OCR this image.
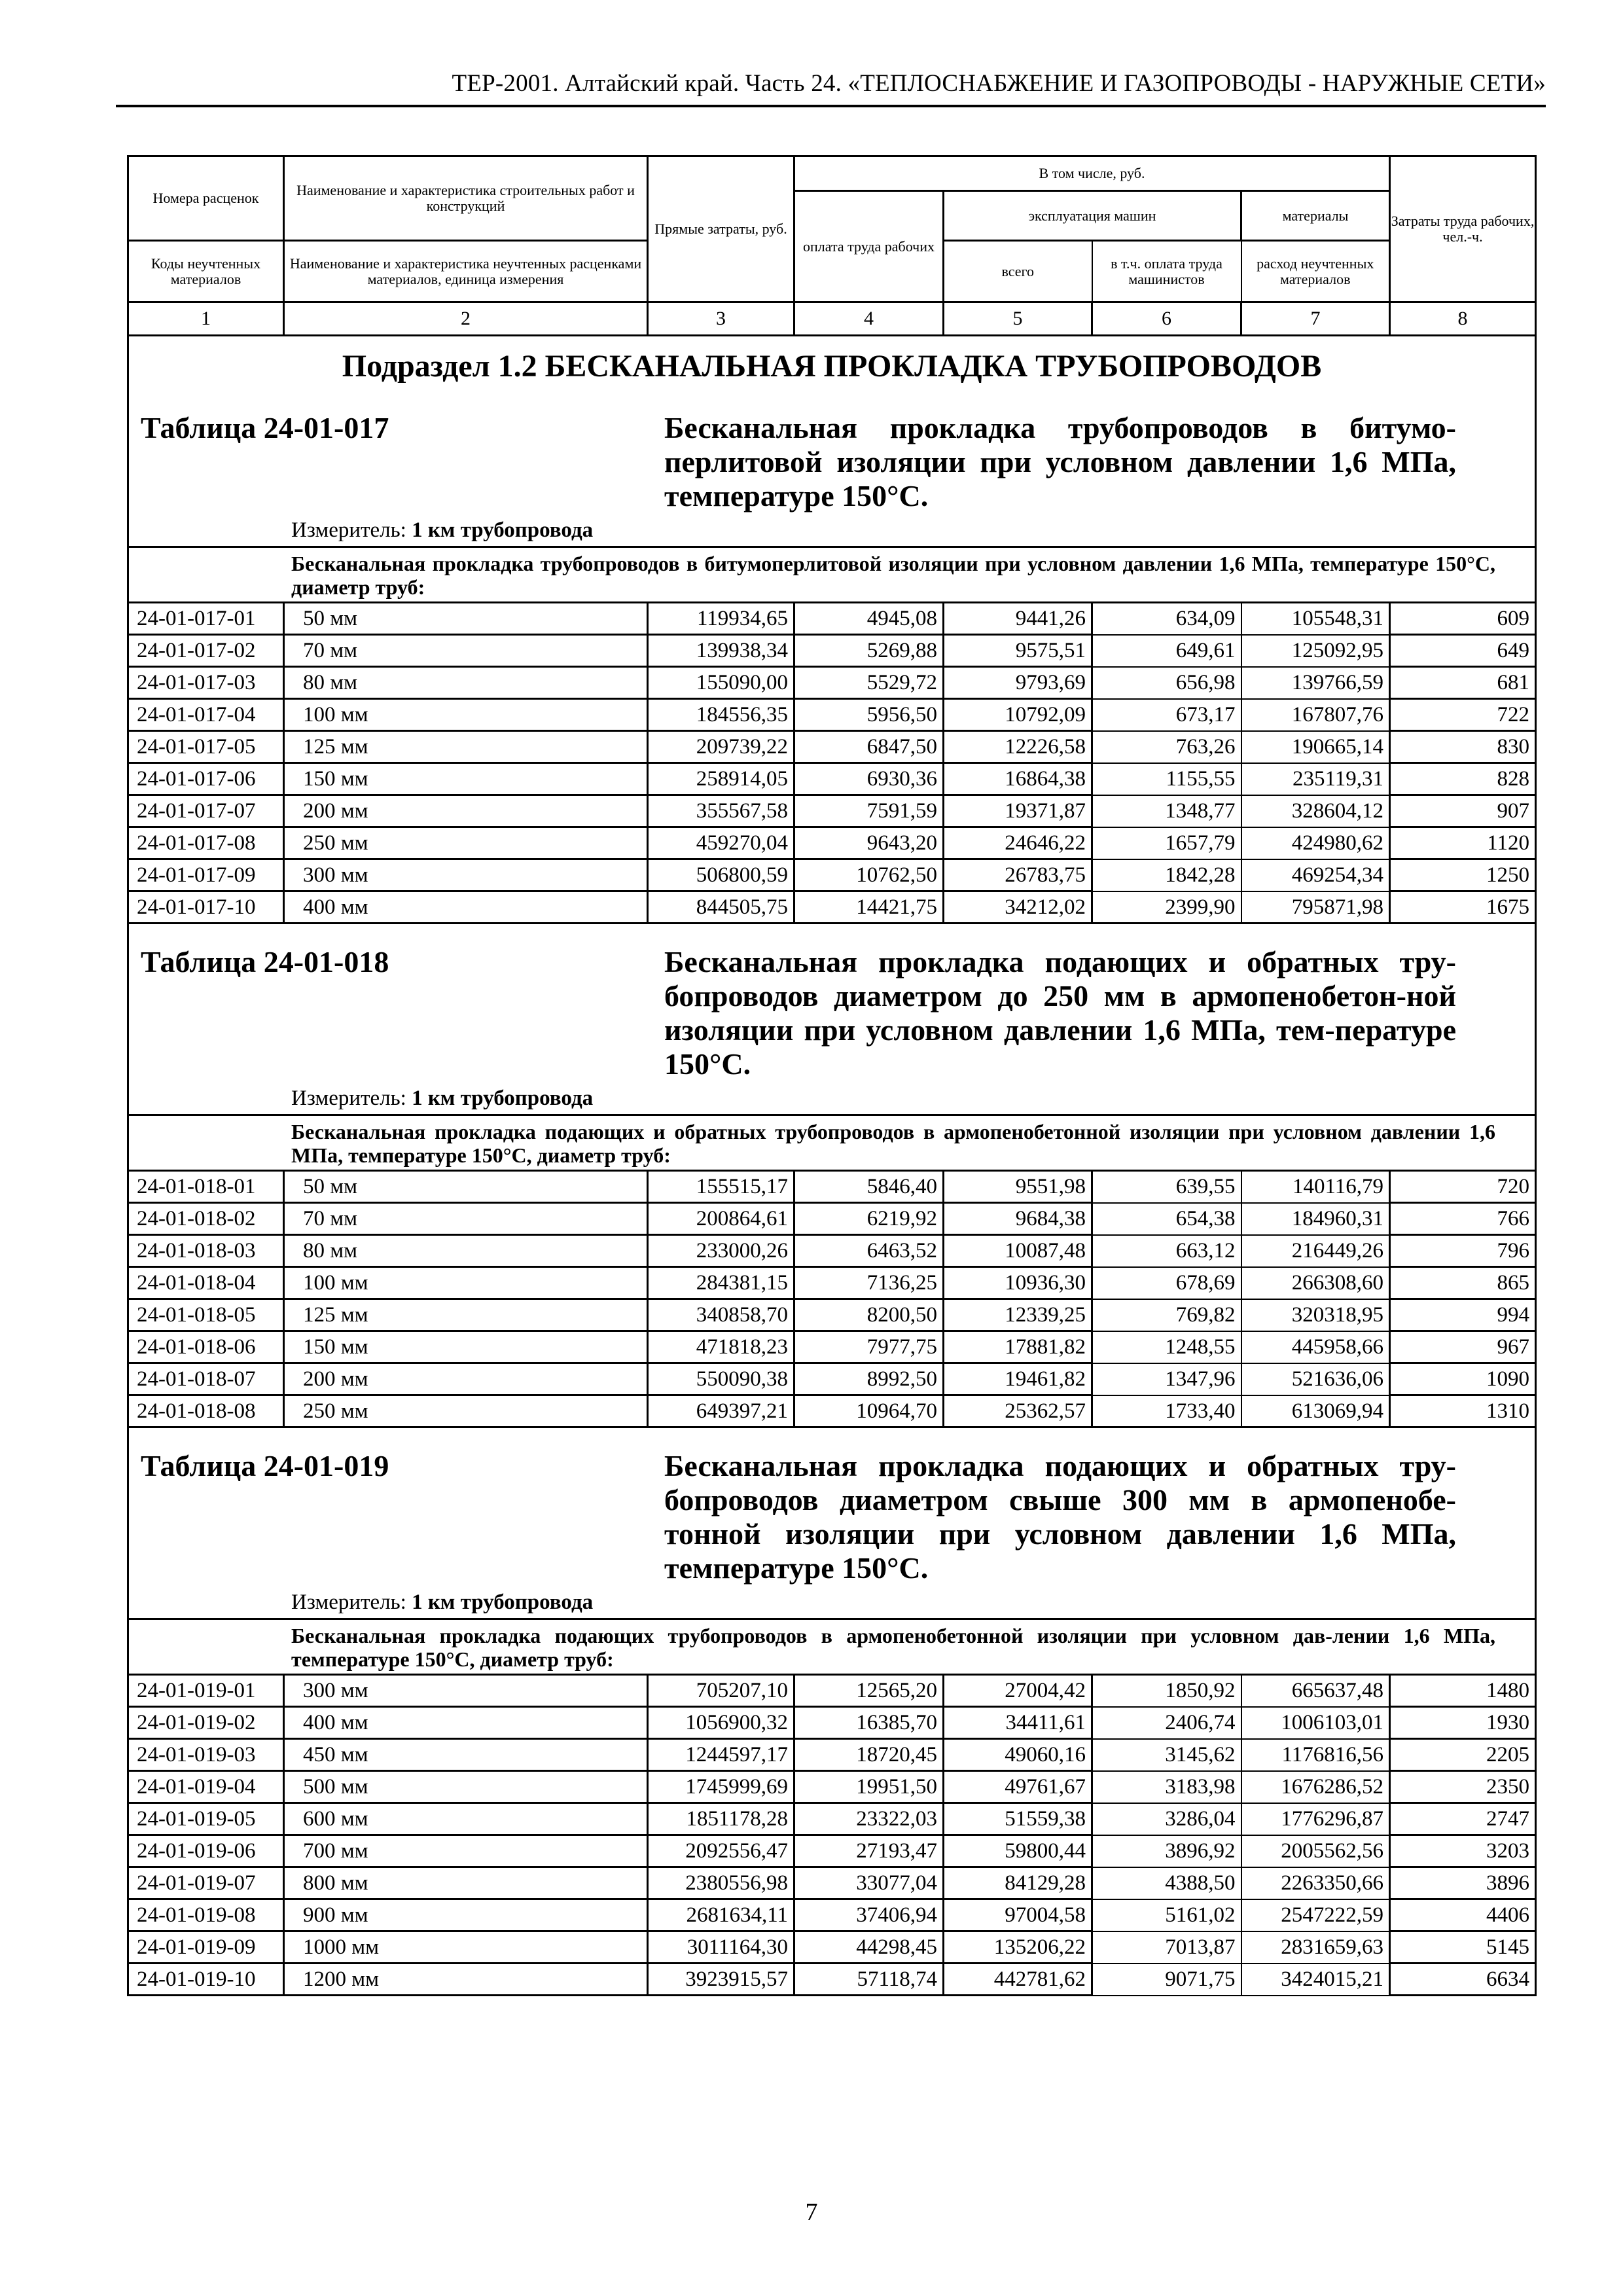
ТЕР-2001. Алтайский край. Часть 24. «ТЕПЛОСНАБЖЕНИЕ И ГАЗОПРОВОДЫ - НАРУЖНЫЕ СЕТИ»
Номера расценок	Наименование и характеристика строительных работ и конструкций	Прямые затраты, руб.	В том числе, руб.				Затраты труда рабочих, чел.-ч.
			оплата труда рабочих	эксплуатация машин		материалы	
Коды неучтенных материалов	Наименование и характеристика неучтенных расценками материалов, единица измерения			всего	в т.ч. оплата труда машинистов	расход неучтенных материалов	
1	2	3	4	5	6	7	8

Подраздел 1.2 БЕСКАНАЛЬНАЯ ПРОКЛАДКА ТРУБОПРОВОДОВ							

Таблица 24-01-017 Бесканальная прокладка трубопроводов в битумо-перлитовой изоляции при условном давлении 1,6 МПа, температуре 150°С.
Измеритель: 1 км трубопровода							

Бесканальная прокладка трубопроводов в битумоперлитовой изоляции при условном давлении 1,6 МПа, температуре 150°С, диаметр труб:							
24-01-017-01	50 мм	119934,65	4945,08	9441,26	634,09	105548,31	609
24-01-017-02	70 мм	139938,34	5269,88	9575,51	649,61	125092,95	649
24-01-017-03	80 мм	155090,00	5529,72	9793,69	656,98	139766,59	681
24-01-017-04	100 мм	184556,35	5956,50	10792,09	673,17	167807,76	722
24-01-017-05	125 мм	209739,22	6847,50	12226,58	763,26	190665,14	830
24-01-017-06	150 мм	258914,05	6930,36	16864,38	1155,55	235119,31	828
24-01-017-07	200 мм	355567,58	7591,59	19371,87	1348,77	328604,12	907
24-01-017-08	250 мм	459270,04	9643,20	24646,22	1657,79	424980,62	1120
24-01-017-09	300 мм	506800,59	10762,50	26783,75	1842,28	469254,34	1250
24-01-017-10	400 мм	844505,75	14421,75	34212,02	2399,90	795871,98	1675

Таблица 24-01-018 Бесканальная прокладка подающих и обратных тру-бопроводов диаметром до 250 мм в армопенобетон-ной изоляции при условном давлении 1,6 МПа, тем-пературе 150°С.
Измеритель: 1 км трубопровода							

Бесканальная прокладка подающих и обратных трубопроводов в армопенобетонной изоляции при условном давлении 1,6 МПа, температуре 150°С, диаметр труб:							
24-01-018-01	50 мм	155515,17	5846,40	9551,98	639,55	140116,79	720
24-01-018-02	70 мм	200864,61	6219,92	9684,38	654,38	184960,31	766
24-01-018-03	80 мм	233000,26	6463,52	10087,48	663,12	216449,26	796
24-01-018-04	100 мм	284381,15	7136,25	10936,30	678,69	266308,60	865
24-01-018-05	125 мм	340858,70	8200,50	12339,25	769,82	320318,95	994
24-01-018-06	150 мм	471818,23	7977,75	17881,82	1248,55	445958,66	967
24-01-018-07	200 мм	550090,38	8992,50	19461,82	1347,96	521636,06	1090
24-01-018-08	250 мм	649397,21	10964,70	25362,57	1733,40	613069,94	1310

Таблица 24-01-019 Бесканальная прокладка подающих и обратных тру-бопроводов диаметром свыше 300 мм в армопенобе-тонной изоляции при условном давлении 1,6 МПа, температуре 150°С.
Измеритель: 1 км трубопровода							

Бесканальная прокладка подающих трубопроводов в армопенобетонной изоляции при условном дав-лении 1,6 МПа, температуре 150°С, диаметр труб:							
24-01-019-01	300 мм	705207,10	12565,20	27004,42	1850,92	665637,48	1480
24-01-019-02	400 мм	1056900,32	16385,70	34411,61	2406,74	1006103,01	1930
24-01-019-03	450 мм	1244597,17	18720,45	49060,16	3145,62	1176816,56	2205
24-01-019-04	500 мм	1745999,69	19951,50	49761,67	3183,98	1676286,52	2350
24-01-019-05	600 мм	1851178,28	23322,03	51559,38	3286,04	1776296,87	2747
24-01-019-06	700 мм	2092556,47	27193,47	59800,44	3896,92	2005562,56	3203
24-01-019-07	800 мм	2380556,98	33077,04	84129,28	4388,50	2263350,66	3896
24-01-019-08	900 мм	2681634,11	37406,94	97004,58	5161,02	2547222,59	4406
24-01-019-09	1000 мм	3011164,30	44298,45	135206,22	7013,87	2831659,63	5145
24-01-019-10	1200 мм	3923915,57	57118,74	442781,62	9071,75	3424015,21	6634
7
